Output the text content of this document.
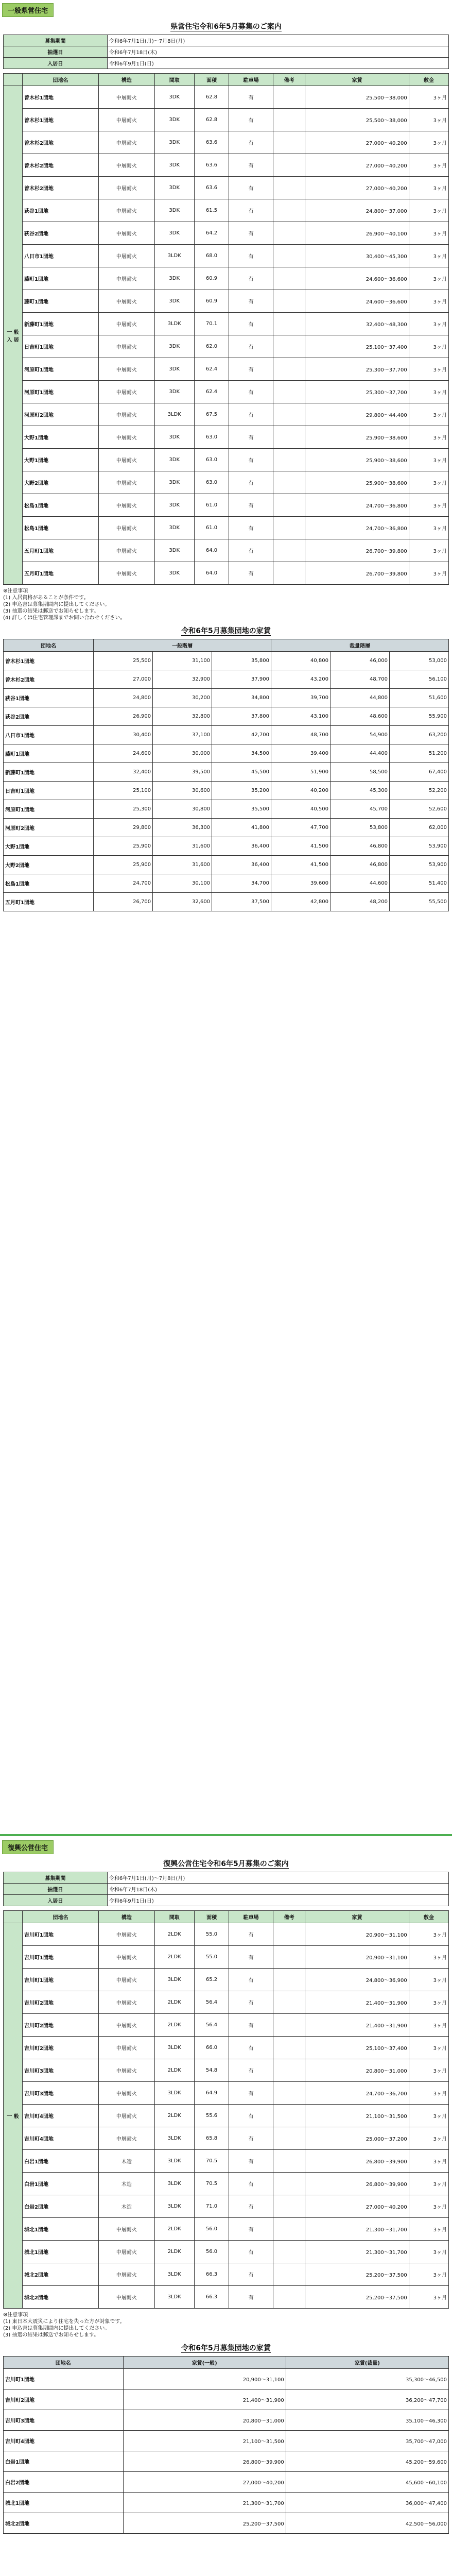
一般県営住宅
県営住宅令和6年5月募集のご案内
募集期間	令和6年7月1日(月)〜7月8日(月)
抽選日	令和6年7月18日(木)
入居日	令和6年9月1日(日)
	団地名	構造	間取	面積	駐車場	備考	家賃	敷金
一 般 入 居	曽木杉1団地	中層耐火	3DK	62.8	有		25,500〜38,000	3ヶ月
	曽木杉1団地	中層耐火	3DK	62.8	有		25,500〜38,000	3ヶ月
	曽木杉2団地	中層耐火	3DK	63.6	有		27,000〜40,200	3ヶ月
	曽木杉2団地	中層耐火	3DK	63.6	有		27,000〜40,200	3ヶ月
	曽木杉2団地	中層耐火	3DK	63.6	有		27,000〜40,200	3ヶ月
	荻谷1団地	中層耐火	3DK	61.5	有		24,800〜37,000	3ヶ月
	荻谷2団地	中層耐火	3DK	64.2	有		26,900〜40,100	3ヶ月
	八日市1団地	中層耐火	3LDK	68.0	有		30,400〜45,300	3ヶ月
	藤町1団地	中層耐火	3DK	60.9	有		24,600〜36,600	3ヶ月
	藤町1団地	中層耐火	3DK	60.9	有		24,600〜36,600	3ヶ月
	新藤町1団地	中層耐火	3LDK	70.1	有		32,400〜48,300	3ヶ月
	日吉町1団地	中層耐火	3DK	62.0	有		25,100〜37,400	3ヶ月
	河原町1団地	中層耐火	3DK	62.4	有		25,300〜37,700	3ヶ月
	河原町1団地	中層耐火	3DK	62.4	有		25,300〜37,700	3ヶ月
	河原町2団地	中層耐火	3LDK	67.5	有		29,800〜44,400	3ヶ月
	大野1団地	中層耐火	3DK	63.0	有		25,900〜38,600	3ヶ月
	大野1団地	中層耐火	3DK	63.0	有		25,900〜38,600	3ヶ月
	大野2団地	中層耐火	3DK	63.0	有		25,900〜38,600	3ヶ月
	松島1団地	中層耐火	3DK	61.0	有		24,700〜36,800	3ヶ月
	松島1団地	中層耐火	3DK	61.0	有		24,700〜36,800	3ヶ月
	五月町1団地	中層耐火	3DK	64.0	有		26,700〜39,800	3ヶ月
	五月町1団地	中層耐火	3DK	64.0	有		26,700〜39,800	3ヶ月
※注意事項
(1) 入居資格があることが条件です。
(2) 申込書は募集期間内に提出してください。
(3) 抽選の結果は郵送でお知らせします。
(4) 詳しくは住宅管理課までお問い合わせください。
令和6年5月募集団地の家賃
団地名	一般階層			裁量階層		
曽木杉1団地	25,500	31,100	35,800	40,800	46,000	53,000
曽木杉2団地	27,000	32,900	37,900	43,200	48,700	56,100
荻谷1団地	24,800	30,200	34,800	39,700	44,800	51,600
荻谷2団地	26,900	32,800	37,800	43,100	48,600	55,900
八日市1団地	30,400	37,100	42,700	48,700	54,900	63,200
藤町1団地	24,600	30,000	34,500	39,400	44,400	51,200
新藤町1団地	32,400	39,500	45,500	51,900	58,500	67,400
日吉町1団地	25,100	30,600	35,200	40,200	45,300	52,200
河原町1団地	25,300	30,800	35,500	40,500	45,700	52,600
河原町2団地	29,800	36,300	41,800	47,700	53,800	62,000
大野1団地	25,900	31,600	36,400	41,500	46,800	53,900
大野2団地	25,900	31,600	36,400	41,500	46,800	53,900
松島1団地	24,700	30,100	34,700	39,600	44,600	51,400
五月町1団地	26,700	32,600	37,500	42,800	48,200	55,500
復興公営住宅
復興公営住宅令和6年5月募集のご案内
募集期間	令和6年7月1日(月)〜7月8日(月)
抽選日	令和6年7月18日(木)
入居日	令和6年9月1日(日)
	団地名	構造	間取	面積	駐車場	備考	家賃	敷金
一 般	吉川町1団地	中層耐火	2LDK	55.0	有		20,900〜31,100	3ヶ月
	吉川町1団地	中層耐火	2LDK	55.0	有		20,900〜31,100	3ヶ月
	吉川町1団地	中層耐火	3LDK	65.2	有		24,800〜36,900	3ヶ月
	吉川町2団地	中層耐火	2LDK	56.4	有		21,400〜31,900	3ヶ月
	吉川町2団地	中層耐火	2LDK	56.4	有		21,400〜31,900	3ヶ月
	吉川町2団地	中層耐火	3LDK	66.0	有		25,100〜37,400	3ヶ月
	吉川町3団地	中層耐火	2LDK	54.8	有		20,800〜31,000	3ヶ月
	吉川町3団地	中層耐火	3LDK	64.9	有		24,700〜36,700	3ヶ月
	吉川町4団地	中層耐火	2LDK	55.6	有		21,100〜31,500	3ヶ月
	吉川町4団地	中層耐火	3LDK	65.8	有		25,000〜37,200	3ヶ月
	白岩1団地	木造	3LDK	70.5	有		26,800〜39,900	3ヶ月
	白岩1団地	木造	3LDK	70.5	有		26,800〜39,900	3ヶ月
	白岩2団地	木造	3LDK	71.0	有		27,000〜40,200	3ヶ月
	城北1団地	中層耐火	2LDK	56.0	有		21,300〜31,700	3ヶ月
	城北1団地	中層耐火	2LDK	56.0	有		21,300〜31,700	3ヶ月
	城北2団地	中層耐火	3LDK	66.3	有		25,200〜37,500	3ヶ月
	城北2団地	中層耐火	3LDK	66.3	有		25,200〜37,500	3ヶ月
※注意事項
(1) 東日本大震災により住宅を失った方が対象です。
(2) 申込書は募集期間内に提出してください。
(3) 抽選の結果は郵送でお知らせします。
令和6年5月募集団地の家賃
団地名	家賃(一般)	家賃(裁量)
吉川町1団地	20,900〜31,100	35,300〜46,500
吉川町2団地	21,400〜31,900	36,200〜47,700
吉川町3団地	20,800〜31,000	35,100〜46,300
吉川町4団地	21,100〜31,500	35,700〜47,000
白岩1団地	26,800〜39,900	45,200〜59,600
白岩2団地	27,000〜40,200	45,600〜60,100
城北1団地	21,300〜31,700	36,000〜47,400
城北2団地	25,200〜37,500	42,500〜56,000
